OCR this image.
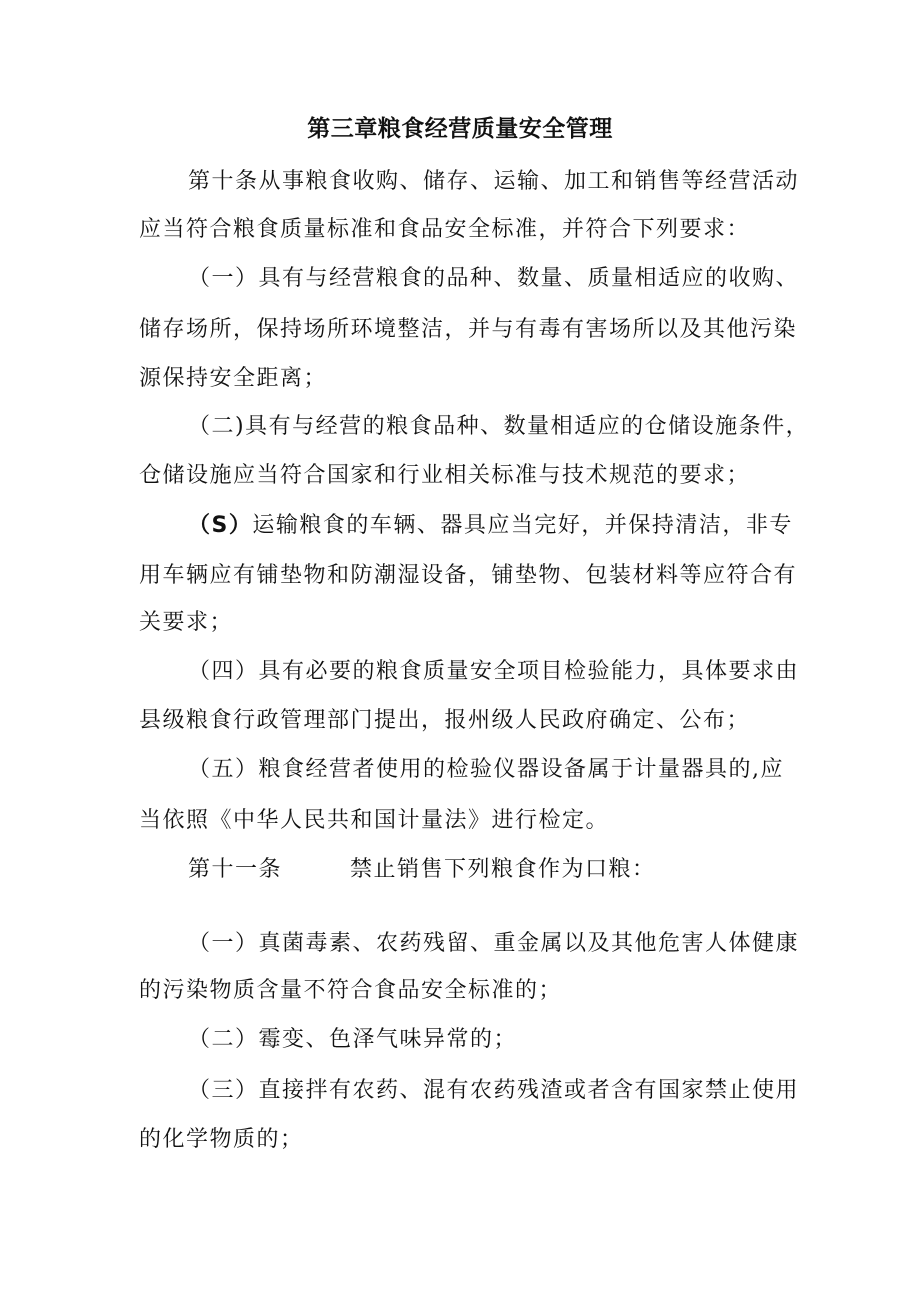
第三章粮食经营质量安全管理
第十条从事粮食收购、储存、运输、加工和销售等经营活动
应当符合粮食质量标准和食品安全标准，并符合下列要求：
（一）具有与经营粮食的品种、数量、质量相适应的收购、
储存场所，保持场所环境整洁，并与有毒有害场所以及其他污染
源保持安全距离；
（二)具有与经营的粮食品种、数量相适应的仓储设施条件，
仓储设施应当符合国家和行业相关标准与技术规范的要求；
（S）运输粮食的车辆、器具应当完好，并保持清洁，非专
用车辆应有铺垫物和防潮湿设备，铺垫物、包装材料等应符合有
关要求；
（四）具有必要的粮食质量安全项目检验能力，具体要求由
县级粮食行政管理部门提出，报州级人民政府确定、公布；
（五）粮食经营者使用的检验仪器设备属于计量器具的,应
当依照《中华人民共和国计量法》进行检定。
第十一条        禁止销售下列粮食作为口粮：
（一）真菌毒素、农药残留、重金属以及其他危害人体健康
的污染物质含量不符合食品安全标准的；
（二）霉变、色泽气味异常的；
（三）直接拌有农药、混有农药残渣或者含有国家禁止使用
的化学物质的；
